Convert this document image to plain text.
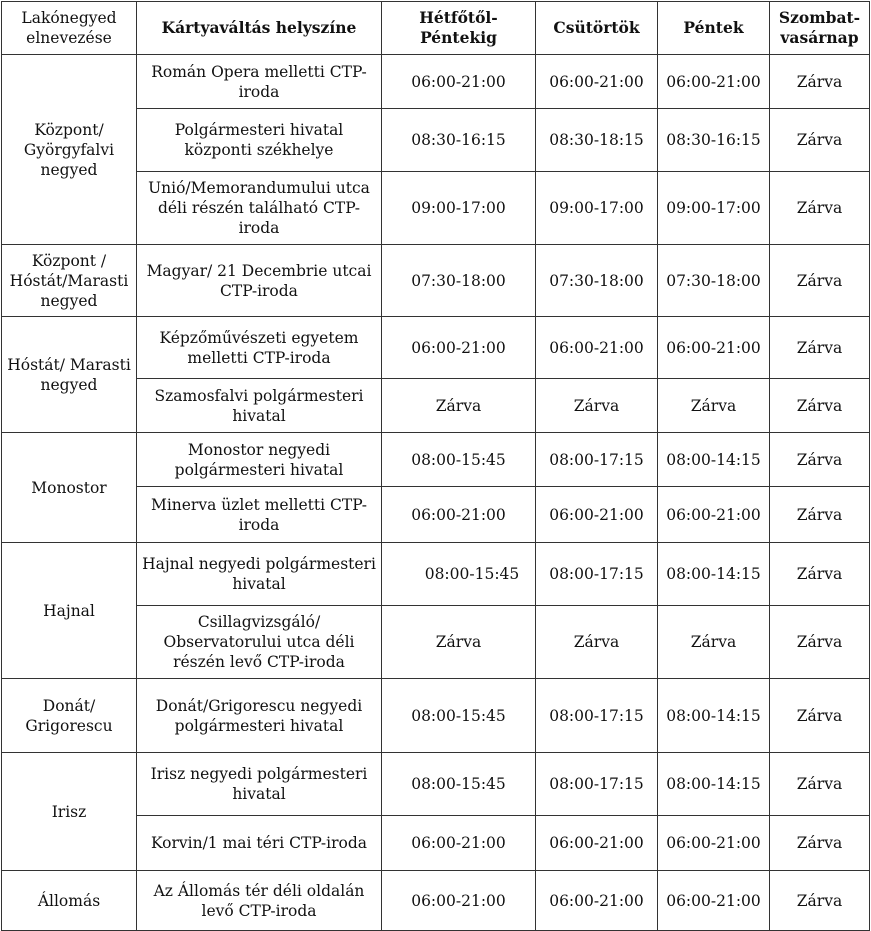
Lakónegyed elnevezése	Kártyaváltás helyszíne	Hétfőtől-Péntekig	Csütörtök	Péntek	Szombat-vasárnap
Központ/ Györgyfalvi negyed	Román Opera melletti CTP-iroda	06:00-21:00	06:00-21:00	06:00-21:00	Zárva
	Polgármesteri hivatal központi székhelye	08:30-16:15	08:30-18:15	08:30-16:15	Zárva
	Unió/Memorandumului utca déli részén található CTP-iroda	09:00-17:00	09:00-17:00	09:00-17:00	Zárva
Központ / Hóstát/Marasti negyed	Magyar/ 21 Decembrie utcai CTP-iroda	07:30-18:00	07:30-18:00	07:30-18:00	Zárva
Hóstát/ Marasti negyed	Képzőművészeti egyetem melletti CTP-iroda	06:00-21:00	06:00-21:00	06:00-21:00	Zárva
	Szamosfalvi polgármesteri hivatal	Zárva	Zárva	Zárva	Zárva
Monostor	Monostor negyedi polgármesteri hivatal	08:00-15:45	08:00-17:15	08:00-14:15	Zárva
	Minerva üzlet melletti CTP-iroda	06:00-21:00	06:00-21:00	06:00-21:00	Zárva
Hajnal	Hajnal negyedi polgármesteri hivatal	08:00-15:45	08:00-17:15	08:00-14:15	Zárva
	Csillagvizsgáló/ Observatorului utca déli részén levő CTP-iroda	Zárva	Zárva	Zárva	Zárva
Donát/ Grigorescu	Donát/Grigorescu negyedi polgármesteri hivatal	08:00-15:45	08:00-17:15	08:00-14:15	Zárva
Irisz	Irisz negyedi polgármesteri hivatal	08:00-15:45	08:00-17:15	08:00-14:15	Zárva
	Korvin/1 mai téri CTP-iroda	06:00-21:00	06:00-21:00	06:00-21:00	Zárva
Állomás	Az Állomás tér déli oldalán levő CTP-iroda	06:00-21:00	06:00-21:00	06:00-21:00	Zárva
